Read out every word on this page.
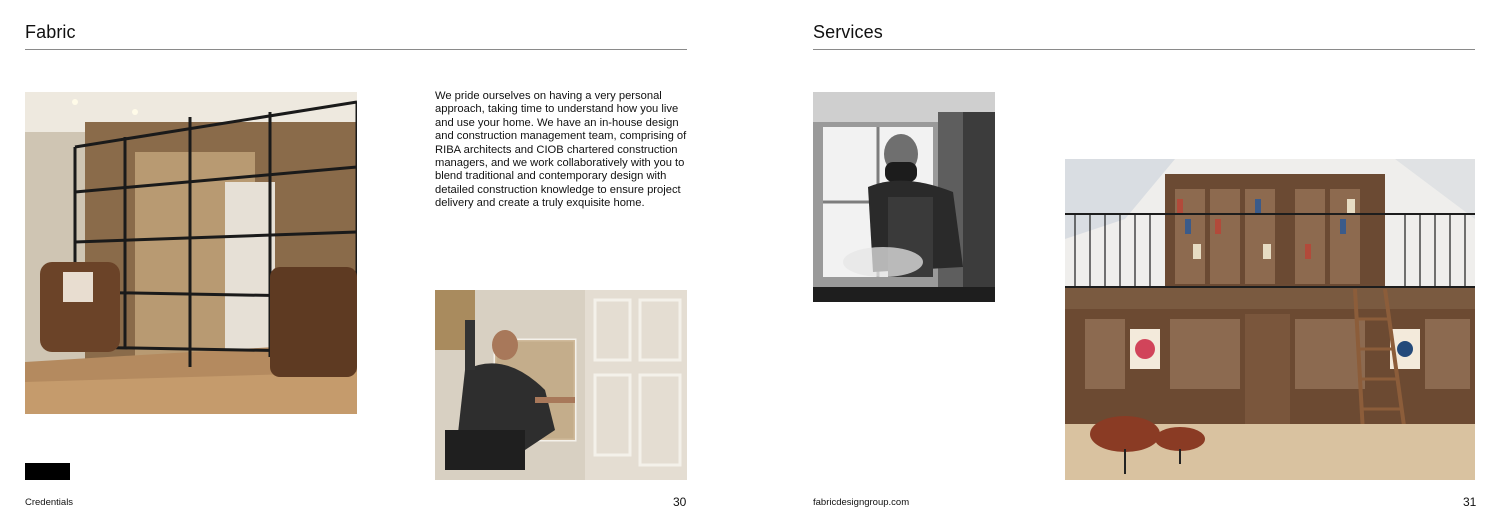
Fabric

We pride ourselves on having a very personal approach, taking time to understand how you live and use your home. We have an in-house design and construction management team, comprising of RIBA architects and CIOB chartered construction managers, and we work collaboratively with you to blend traditional and contemporary design with detailed construction knowledge to ensure project delivery and create a truly exquisite home.

Credentials	30
Services
fabricdesigngroup.com	31
